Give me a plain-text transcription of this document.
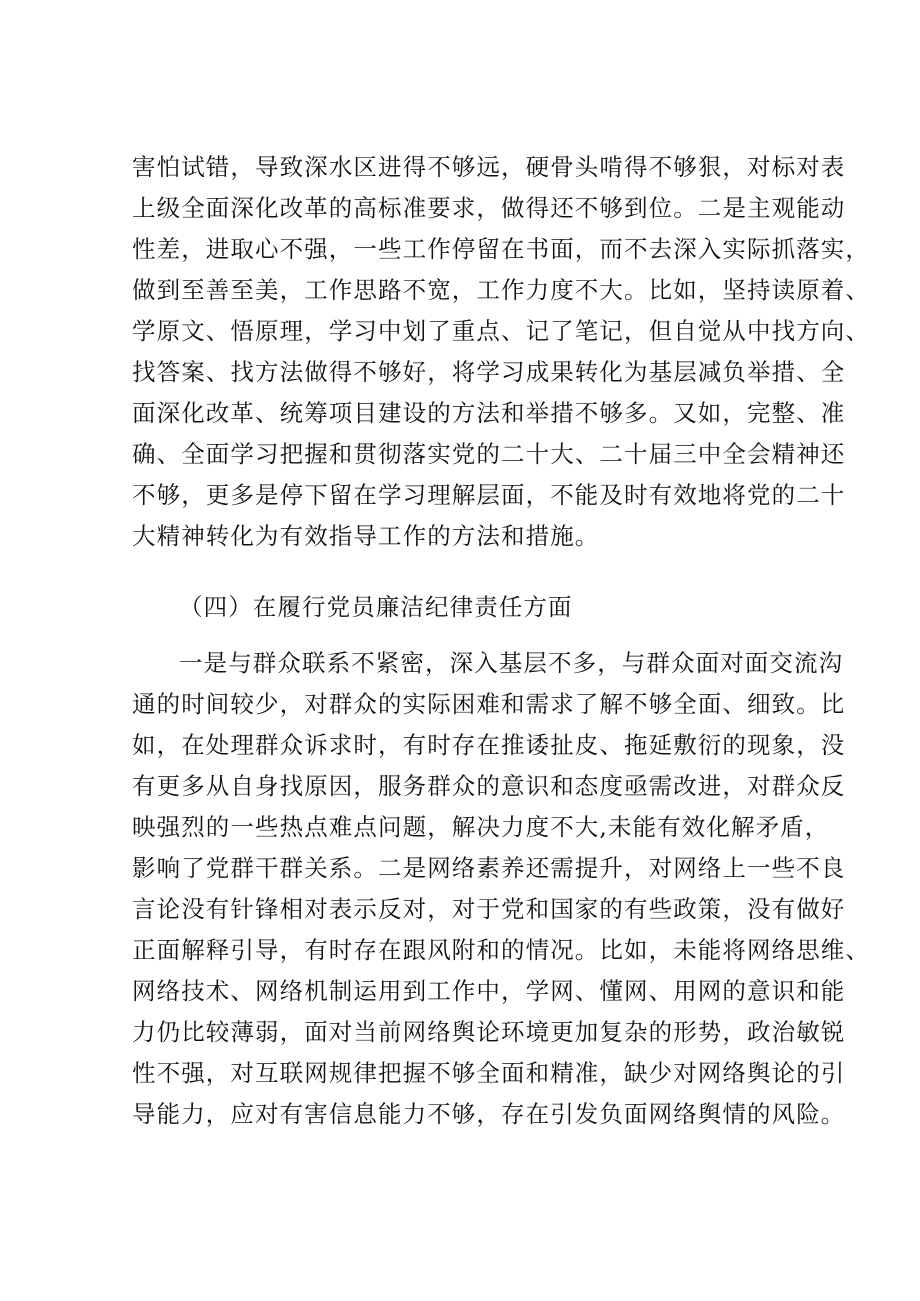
害怕试错，导致深水区进得不够远，硬骨头啃得不够狠，对标对表
上级全面深化改革的高标准要求，做得还不够到位。二是主观能动
性差，进取心不强，一些工作停留在书面，而不去深入实际抓落实，
做到至善至美，工作思路不宽，工作力度不大。比如，坚持读原着、
学原文、悟原理，学习中划了重点、记了笔记，但自觉从中找方向、
找答案、找方法做得不够好，将学习成果转化为基层减负举措、全
面深化改革、统筹项目建设的方法和举措不够多。又如，完整、准
确、全面学习把握和贯彻落实党的二十大、二十届三中全会精神还
不够，更多是停下留在学习理解层面，不能及时有效地将党的二十
大精神转化为有效指导工作的方法和措施。
（四）在履行党员廉洁纪律责任方面
一是与群众联系不紧密，深入基层不多，与群众面对面交流沟
通的时间较少，对群众的实际困难和需求了解不够全面、细致。比
如，在处理群众诉求时，有时存在推诿扯皮、拖延敷衍的现象，没
有更多从自身找原因，服务群众的意识和态度亟需改进，对群众反
映强烈的一些热点难点问题，解决力度不大,未能有效化解矛盾，
影响了党群干群关系。二是网络素养还需提升，对网络上一些不良
言论没有针锋相对表示反对，对于党和国家的有些政策，没有做好
正面解释引导，有时存在跟风附和的情况。比如，未能将网络思维、
网络技术、网络机制运用到工作中，学网、懂网、用网的意识和能
力仍比较薄弱，面对当前网络舆论环境更加复杂的形势，政治敏锐
性不强，对互联网规律把握不够全面和精准，缺少对网络舆论的引
导能力，应对有害信息能力不够，存在引发负面网络舆情的风险。
